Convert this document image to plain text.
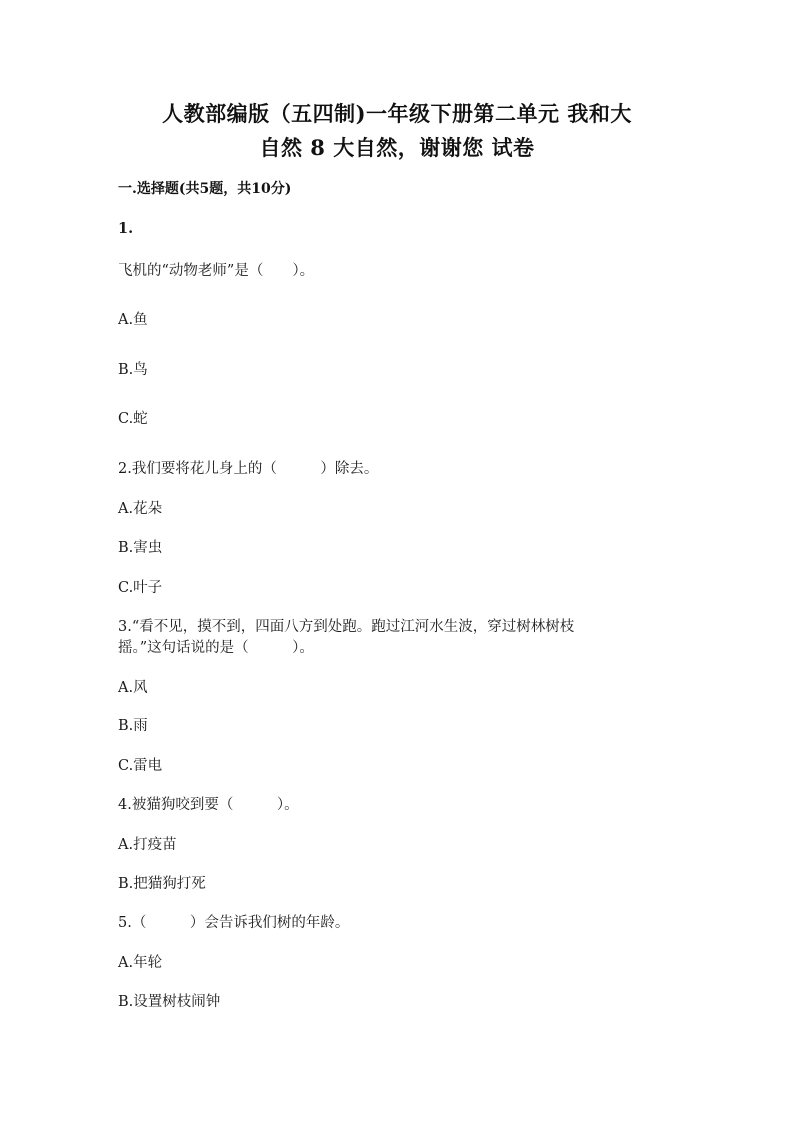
人教部编版（五四制)一年级下册第二单元 我和大
自然 8 大自然，谢谢您 试卷
一.选择题(共5题，共10分)
1.
飞机的“动物老师”是（　　）。
A.鱼
B.鸟
C.蛇
2.我们要将花儿身上的（　　　）除去。
A.花朵
B.害虫
C.叶子
3.“看不见，摸不到，四面八方到处跑。跑过江河水生波，穿过树林树枝
摇。”这句话说的是（　　　）。
A.风
B.雨
C.雷电
4.被猫狗咬到要（　　　）。
A.打疫苗
B.把猫狗打死
5.（　　　）会告诉我们树的年龄。
A.年轮
B.设置树枝闹钟
